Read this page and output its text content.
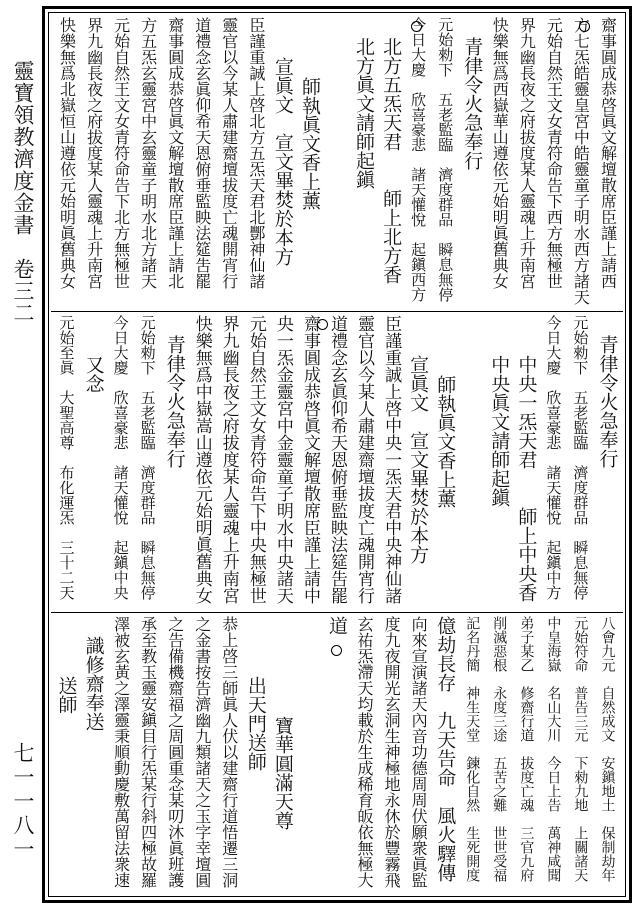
靈寶領教濟度金書　卷三二
七一一八一
齋事圓成恭啓眞文解壇散席臣謹上請西
方七炁皓靈皇宮中皓靈童子明水西方諸天
元始自然王文女青符命告下西方無極世
界九幽長夜之府拔度某人靈魂上升南宮
快樂無爲西嶽華山遵依元始明眞舊典女
青律令火急奉行
元始勑下　五老監臨　濟度群品　瞬息無停
今日大慶　欣喜豪悲　諸天懽悅　起鎭西方
北方五炁天君　　師上北方香
北方眞文請師起鎭
師執眞文香上薰
宣眞文　宣文畢焚於本方
臣謹重誠上啓北方五炁天君北酆神仙諸
靈官以今某人肅建齋壇拔度亡魂開宵行
道禮念玄眞仰希天恩俯垂監眏法筵吿罷
齋事圓成恭啓眞文解壇散席臣謹上請北
方五炁玄靈宮中玄靈童子明水北方諸天
元始自然王文女青符命告下北方無極世
界九幽長夜之府拔度某人靈魂上升南宮
快樂無爲北嶽恒山遵依元始明眞舊典女
青律令火急奉行
元始勑下　五老監臨　濟度群品　瞬息無停
今日大慶　欣喜豪悲　諸天懽悅　起鎭中方
中央一炁天君　　師上中央香
中央眞文請師起鎭
師執眞文香上薰
宣眞文　宣文畢焚於本方
臣謹重誠上啓中央一炁天君中央神仙諸
靈官以今某人肅建齋壇拔度亡魂開宵行
道禮念玄眞仰希天恩俯垂監眏法筵吿罷
齋事圓成恭啓眞文解壇散席臣謹上請中
央一炁金靈宮中金靈童子明水中央諸天
元始自然王文女青符命告下中央無極世
界九幽長夜之府拔度某人靈魂上升南宮
快樂無爲中嶽嵩山遵依元始明眞舊典女
青律令火急奉行
元始勑下　五老監臨　濟度群品　瞬息無停
今日大慶　欣喜豪悲　諸天懽悅　起鎭中央
又念
元始至眞　大聖高尊　布化運炁　三十二天
八會九元　自然成文　安鎭地土　保制劫年
元始符命　普告三元　下勑九地　上關諸天
中皇海嶽　名山大川　今日上告　萬神咸聞
弟子某乙　修齋行道　拔度亡魂　三官九府
削滅惡根　永度三途　五苦之難　世世受福
記名丹簡　神生天堂　鍊化自然　生死開度
億劫長存　九天告命　風火驛傳
向來宣演諸天內音功德周周伏願衆眞監
度九夜開光玄洞生神極地永休於豐霧飛
玄祐炁滯天均載於生成稀育皈依無極大
道
寶華圓滿天尊
出天門送師
恭上啓三師眞人伏以建齋行道悟遷三洞
之金書按告濟幽九類諸天之玉字幸壇圓
之告備機齋福之周圓重念某叨沐眞班護
承至教玉靈安鎭目行炁某行斜四極故羅
澤被玄黃之澤靈秉順動慶敷萬留法衆速
識修齋奉送
送師
